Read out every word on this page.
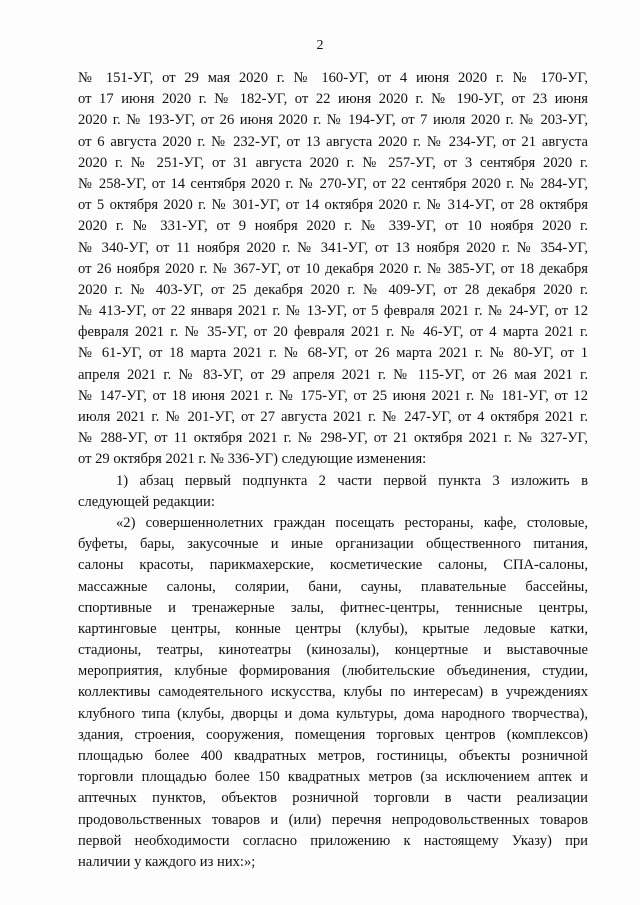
2
№ 151-УГ, от 29 мая 2020 г. № 160-УГ, от 4 июня 2020 г. № 170-УГ,
от 17 июня 2020 г. № 182-УГ, от 22 июня 2020 г. № 190-УГ, от 23 июня
2020 г. № 193-УГ, от 26 июня 2020 г. № 194-УГ, от 7 июля 2020 г. № 203-УГ,
от 6 августа 2020 г. № 232-УГ, от 13 августа 2020 г. № 234-УГ, от 21 августа
2020 г. № 251-УГ, от 31 августа 2020 г. № 257-УГ, от 3 сентября 2020 г.
№ 258-УГ, от 14 сентября 2020 г. № 270-УГ, от 22 сентября 2020 г. № 284-УГ,
от 5 октября 2020 г. № 301-УГ, от 14 октября 2020 г. № 314-УГ, от 28 октября
2020 г. № 331-УГ, от 9 ноября 2020 г. № 339-УГ, от 10 ноября 2020 г.
№ 340-УГ, от 11 ноября 2020 г. № 341-УГ, от 13 ноября 2020 г. № 354-УГ,
от 26 ноября 2020 г. № 367-УГ, от 10 декабря 2020 г. № 385-УГ, от 18 декабря
2020 г. № 403-УГ, от 25 декабря 2020 г. № 409-УГ, от 28 декабря 2020 г.
№ 413-УГ, от 22 января 2021 г. № 13-УГ, от 5 февраля 2021 г. № 24-УГ, от 12
февраля 2021 г. № 35-УГ, от 20 февраля 2021 г. № 46-УГ, от 4 марта 2021 г.
№ 61-УГ, от 18 марта 2021 г. № 68-УГ, от 26 марта 2021 г. № 80-УГ, от 1
апреля 2021 г. № 83-УГ, от 29 апреля 2021 г. № 115-УГ, от 26 мая 2021 г.
№ 147-УГ, от 18 июня 2021 г. № 175-УГ, от 25 июня 2021 г. № 181-УГ, от 12
июля 2021 г. № 201-УГ, от 27 августа 2021 г. № 247-УГ, от 4 октября 2021 г.
№ 288-УГ, от 11 октября 2021 г. № 298-УГ, от 21 октября 2021 г. № 327-УГ,
от 29 октября 2021 г. № 336-УГ) следующие изменения:
1) абзац первый подпункта 2 части первой пункта 3 изложить в
следующей редакции:
«2) совершеннолетних граждан посещать рестораны, кафе, столовые,
буфеты, бары, закусочные и иные организации общественного питания,
салоны красоты, парикмахерские, косметические салоны, СПА-салоны,
массажные салоны, солярии, бани, сауны, плавательные бассейны,
спортивные и тренажерные залы, фитнес-центры, теннисные центры,
картинговые центры, конные центры (клубы), крытые ледовые катки,
стадионы, театры, кинотеатры (кинозалы), концертные и выставочные
мероприятия, клубные формирования (любительские объединения, студии,
коллективы самодеятельного искусства, клубы по интересам) в учреждениях
клубного типа (клубы, дворцы и дома культуры, дома народного творчества),
здания, строения, сооружения, помещения торговых центров (комплексов)
площадью более 400 квадратных метров, гостиницы, объекты розничной
торговли площадью более 150 квадратных метров (за исключением аптек и
аптечных пунктов, объектов розничной торговли в части реализации
продовольственных товаров и (или) перечня непродовольственных товаров
первой необходимости согласно приложению к настоящему Указу) при
наличии у каждого из них:»;
